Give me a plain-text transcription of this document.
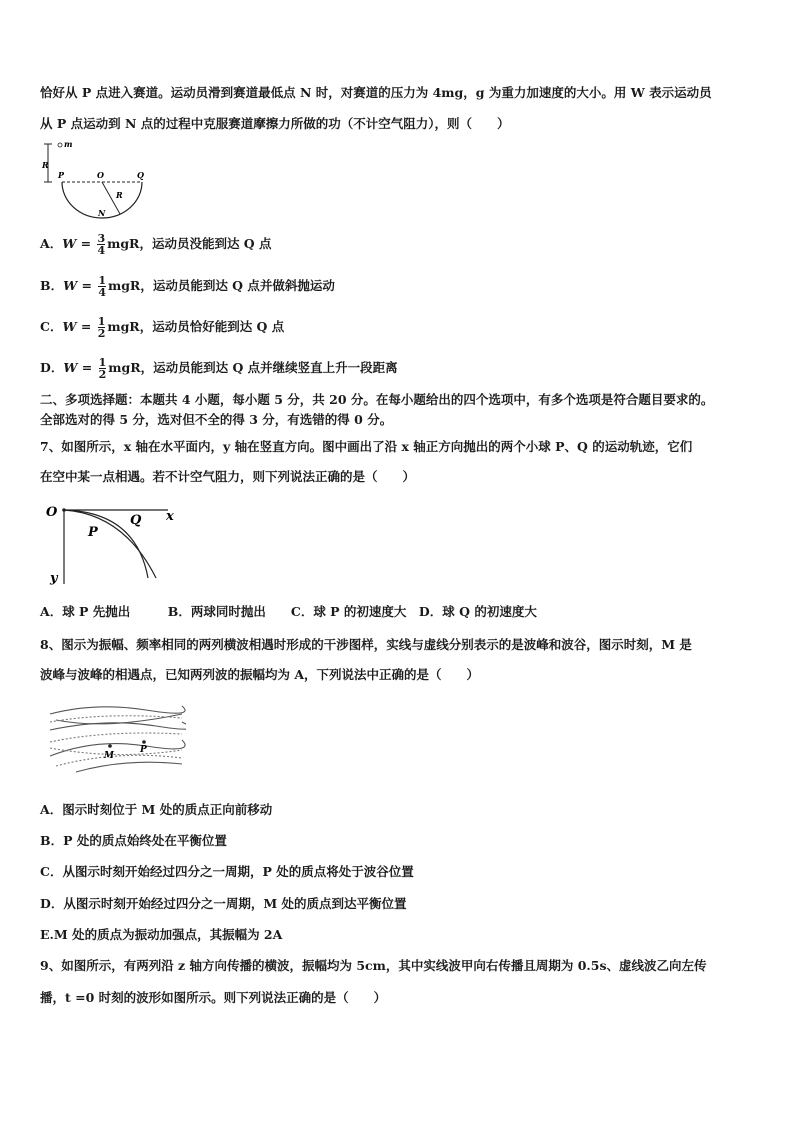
恰好从 P 点进入赛道。运动员滑到赛道最低点 N 时，对赛道的压力为 4mg，g 为重力加速度的大小。用 W 表示运动员
从 P 点运动到 N 点的过程中克服赛道摩擦力所做的功（不计空气阻力），则（　　）
R
m
P	O	Q
R
N
A．$W = \frac{3}{4}$ mgR，运动员没能到达 Q 点
B．$W = \frac{1}{4}$ mgR，运动员能到达 Q 点并做斜抛运动
C．$W = \frac{1}{2}$ mgR，运动员恰好能到达 Q 点
D．$W = \frac{1}{2}$ mgR，运动员能到达 Q 点并继续竖直上升一段距离
二、多项选择题：本题共 4 小题，每小题 5 分，共 20 分。在每小题给出的四个选项中，有多个选项是符合题目要求的。
全部选对的得 5 分，选对但不全的得 3 分，有选错的得 0 分。
7、如图所示，x 轴在水平面内，y 轴在竖直方向。图中画出了沿 x 轴正方向抛出的两个小球 P、Q 的运动轨迹，它们
在空中某一点相遇。若不计空气阻力，则下列说法正确的是（　　）
O
P
Q x
y
A．球 P 先抛出　　　B．两球同时抛出　　C．球 P 的初速度大　D．球 Q 的初速度大
8、图示为振幅、频率相同的两列横波相遇时形成的干涉图样，实线与虚线分别表示的是波峰和波谷，图示时刻，M 是
波峰与波峰的相遇点，已知两列波的振幅均为 A，下列说法中正确的是（　　）
M
P
A．图示时刻位于 M 处的质点正向前移动
B．P 处的质点始终处在平衡位置
C．从图示时刻开始经过四分之一周期，P 处的质点将处于波谷位置
D．从图示时刻开始经过四分之一周期，M 处的质点到达平衡位置
E.M 处的质点为振动加强点，其振幅为 2A
9、如图所示，有两列沿 z 轴方向传播的横波，振幅均为 5cm，其中实线波甲向右传播且周期为 0.5s、虚线波乙向左传
播，t =0 时刻的波形如图所示。则下列说法正确的是（　　）
